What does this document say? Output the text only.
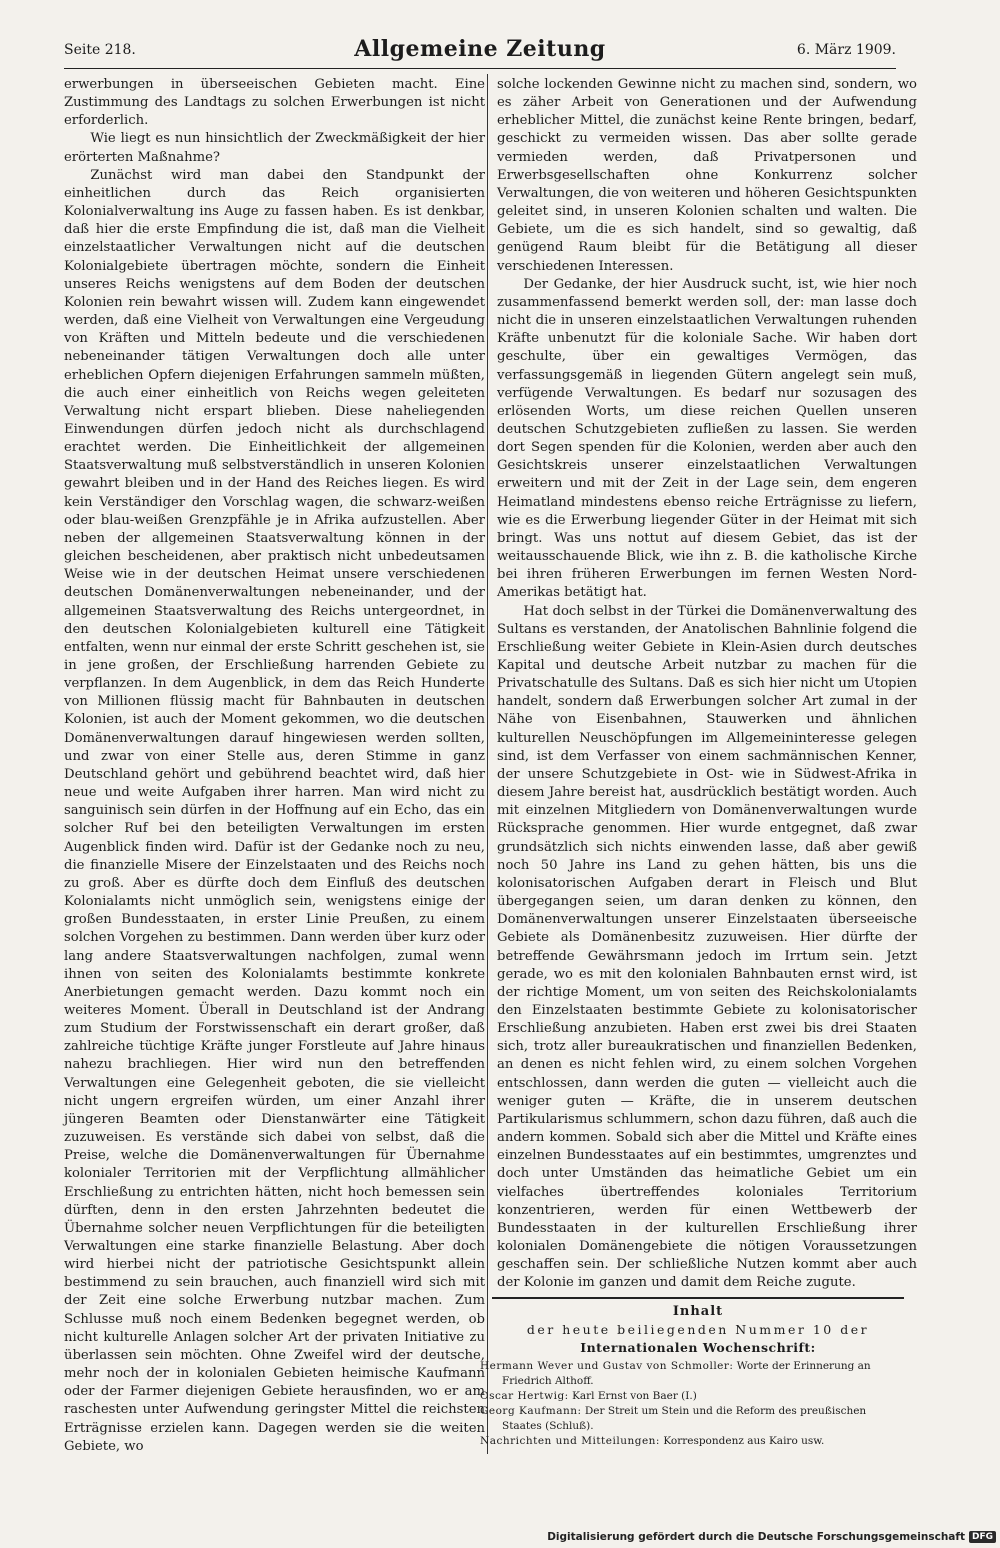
Seite 218.	Allgemeine Zeitung	6. März 1909.

erwerbungen in überseeischen Gebieten macht. Eine Zustimmung des Landtags zu solchen Erwerbungen ist nicht erforderlich.

Wie liegt es nun hinsichtlich der Zweckmäßigkeit der hier erörterten Maßnahme?

Zunächst wird man dabei den Standpunkt der einheitlichen durch das Reich organisierten Kolonialverwaltung ins Auge zu fassen haben. Es ist denkbar, daß hier die erste Empfindung die ist, daß man die Vielheit einzelstaatlicher Verwaltungen nicht auf die deutschen Kolonialgebiete übertragen möchte, sondern die Einheit unseres Reichs wenigstens auf dem Boden der deutschen Kolonien rein bewahrt wissen will. Zudem kann eingewendet werden, daß eine Vielheit von Verwaltungen eine Vergeudung von Kräften und Mitteln bedeute und die verschiedenen nebeneinander tätigen Verwaltungen doch alle unter erheblichen Opfern diejenigen Erfahrungen sammeln müßten, die auch einer einheitlich von Reichs wegen geleiteten Verwaltung nicht erspart blieben. Diese naheliegenden Einwendungen dürfen jedoch nicht als durchschlagend erachtet werden. Die Einheitlichkeit der allgemeinen Staatsverwaltung muß selbstverständlich in unseren Kolonien gewahrt bleiben und in der Hand des Reiches liegen. Es wird kein Verständiger den Vorschlag wagen, die schwarz-weißen oder blau-weißen Grenzpfähle je in Afrika aufzustellen. Aber neben der allgemeinen Staatsverwaltung können in der gleichen bescheidenen, aber praktisch nicht unbedeutsamen Weise wie in der deutschen Heimat unsere verschiedenen deutschen Domänenverwaltungen nebeneinander, und der allgemeinen Staatsverwaltung des Reichs untergeordnet, in den deutschen Kolonialgebieten kulturell eine Tätigkeit entfalten, wenn nur einmal der erste Schritt geschehen ist, sie in jene großen, der Erschließung harrenden Gebiete zu verpflanzen. In dem Augenblick, in dem das Reich Hunderte von Millionen flüssig macht für Bahnbauten in deutschen Kolonien, ist auch der Moment gekommen, wo die deutschen Domänenverwaltungen darauf hingewiesen werden sollten, und zwar von einer Stelle aus, deren Stimme in ganz Deutschland gehört und gebührend beachtet wird, daß hier neue und weite Aufgaben ihrer harren. Man wird nicht zu sanguinisch sein dürfen in der Hoffnung auf ein Echo, das ein solcher Ruf bei den beteiligten Verwaltungen im ersten Augenblick finden wird. Dafür ist der Gedanke noch zu neu, die finanzielle Misere der Einzelstaaten und des Reichs noch zu groß. Aber es dürfte doch dem Einfluß des deutschen Kolonialamts nicht unmöglich sein, wenigstens einige der großen Bundesstaaten, in erster Linie Preußen, zu einem solchen Vorgehen zu bestimmen. Dann werden über kurz oder lang andere Staatsverwaltungen nachfolgen, zumal wenn ihnen von seiten des Kolonialamts bestimmte konkrete Anerbietungen gemacht werden. Dazu kommt noch ein weiteres Moment. Überall in Deutschland ist der Andrang zum Studium der Forstwissenschaft ein derart großer, daß zahlreiche tüchtige Kräfte junger Forstleute auf Jahre hinaus nahezu brachliegen. Hier wird nun den betreffenden Verwaltungen eine Gelegenheit geboten, die sie vielleicht nicht ungern ergreifen würden, um einer Anzahl ihrer jüngeren Beamten oder Dienstanwärter eine Tätigkeit zuzuweisen. Es verstände sich dabei von selbst, daß die Preise, welche die Domänenverwaltungen für Übernahme kolonialer Territorien mit der Verpflichtung allmählicher Erschließung zu entrichten hätten, nicht hoch bemessen sein dürften, denn in den ersten Jahrzehnten bedeutet die Übernahme solcher neuen Verpflichtungen für die beteiligten Verwaltungen eine starke finanzielle Belastung. Aber doch wird hierbei nicht der patriotische Gesichtspunkt allein bestimmend zu sein brauchen, auch finanziell wird sich mit der Zeit eine solche Erwerbung nutzbar machen. Zum Schlusse muß noch einem Bedenken begegnet werden, ob nicht kulturelle Anlagen solcher Art der privaten Initiative zu überlassen sein möchten. Ohne Zweifel wird der deutsche, mehr noch der in kolonialen Gebieten heimische Kaufmann oder der Farmer diejenigen Gebiete herausfinden, wo er am raschesten unter Aufwendung geringster Mittel die reichsten Erträgnisse erzielen kann. Dagegen werden sie die weiten Gebiete, wo

solche lockenden Gewinne nicht zu machen sind, sondern, wo es zäher Arbeit von Generationen und der Aufwendung erheblicher Mittel, die zunächst keine Rente bringen, bedarf, geschickt zu vermeiden wissen. Das aber sollte gerade vermieden werden, daß Privatpersonen und Erwerbsgesellschaften ohne Konkurrenz solcher Verwaltungen, die von weiteren und höheren Gesichtspunkten geleitet sind, in unseren Kolonien schalten und walten. Die Gebiete, um die es sich handelt, sind so gewaltig, daß genügend Raum bleibt für die Betätigung all dieser verschiedenen Interessen.

Der Gedanke, der hier Ausdruck sucht, ist, wie hier noch zusammenfassend bemerkt werden soll, der: man lasse doch nicht die in unseren einzelstaatlichen Verwaltungen ruhenden Kräfte unbenutzt für die koloniale Sache. Wir haben dort geschulte, über ein gewaltiges Vermögen, das verfassungsgemäß in liegenden Gütern angelegt sein muß, verfügende Verwaltungen. Es bedarf nur sozusagen des erlösenden Worts, um diese reichen Quellen unseren deutschen Schutzgebieten zufließen zu lassen. Sie werden dort Segen spenden für die Kolonien, werden aber auch den Gesichtskreis unserer einzelstaatlichen Verwaltungen erweitern und mit der Zeit in der Lage sein, dem engeren Heimatland mindestens ebenso reiche Erträgnisse zu liefern, wie es die Erwerbung liegender Güter in der Heimat mit sich bringt. Was uns nottut auf diesem Gebiet, das ist der weitausschauende Blick, wie ihn z. B. die katholische Kirche bei ihren früheren Erwerbungen im fernen Westen Nord-Amerikas betätigt hat.

Hat doch selbst in der Türkei die Domänenverwaltung des Sultans es verstanden, der Anatolischen Bahnlinie folgend die Erschließung weiter Gebiete in Klein-Asien durch deutsches Kapital und deutsche Arbeit nutzbar zu machen für die Privatschatulle des Sultans. Daß es sich hier nicht um Utopien handelt, sondern daß Erwerbungen solcher Art zumal in der Nähe von Eisenbahnen, Stauwerken und ähnlichen kulturellen Neuschöpfungen im Allgemeininteresse gelegen sind, ist dem Verfasser von einem sachmännischen Kenner, der unsere Schutzgebiete in Ost- wie in Südwest-Afrika in diesem Jahre bereist hat, ausdrücklich bestätigt worden. Auch mit einzelnen Mitgliedern von Domänenverwaltungen wurde Rücksprache genommen. Hier wurde entgegnet, daß zwar grundsätzlich sich nichts einwenden lasse, daß aber gewiß noch 50 Jahre ins Land zu gehen hätten, bis uns die kolonisatorischen Aufgaben derart in Fleisch und Blut übergegangen seien, um daran denken zu können, den Domänenverwaltungen unserer Einzelstaaten überseeische Gebiete als Domänenbesitz zuzuweisen. Hier dürfte der betreffende Gewährsmann jedoch im Irrtum sein. Jetzt gerade, wo es mit den kolonialen Bahnbauten ernst wird, ist der richtige Moment, um von seiten des Reichskolonialamts den Einzelstaaten bestimmte Gebiete zu kolonisatorischer Erschließung anzubieten. Haben erst zwei bis drei Staaten sich, trotz aller bureaukratischen und finanziellen Bedenken, an denen es nicht fehlen wird, zu einem solchen Vorgehen entschlossen, dann werden die guten — vielleicht auch die weniger guten — Kräfte, die in unserem deutschen Partikularismus schlummern, schon dazu führen, daß auch die andern kommen. Sobald sich aber die Mittel und Kräfte eines einzelnen Bundesstaates auf ein bestimmtes, umgrenztes und doch unter Umständen das heimatliche Gebiet um ein vielfaches übertreffendes koloniales Territorium konzentrieren, werden für einen Wettbewerb der Bundesstaaten in der kulturellen Erschließung ihrer kolonialen Domänengebiete die nötigen Voraussetzungen geschaffen sein. Der schließliche Nutzen kommt aber auch der Kolonie im ganzen und damit dem Reiche zugute.

Inhalt
der heute beiliegenden Nummer 10 der
Internationalen Wochenschrift:
Hermann Wever und Gustav von Schmoller: Worte der Erinnerung an
Friedrich Althoff.
Oscar Hertwig: Karl Ernst von Baer (I.)
Georg Kaufmann: Der Streit um Stein und die Reform des preußischen
Staates (Schluß).
Nachrichten und Mitteilungen: Korrespondenz aus Kairo usw.
Digitalisierung gefördert durch die Deutsche Forschungsgemeinschaft DFG
